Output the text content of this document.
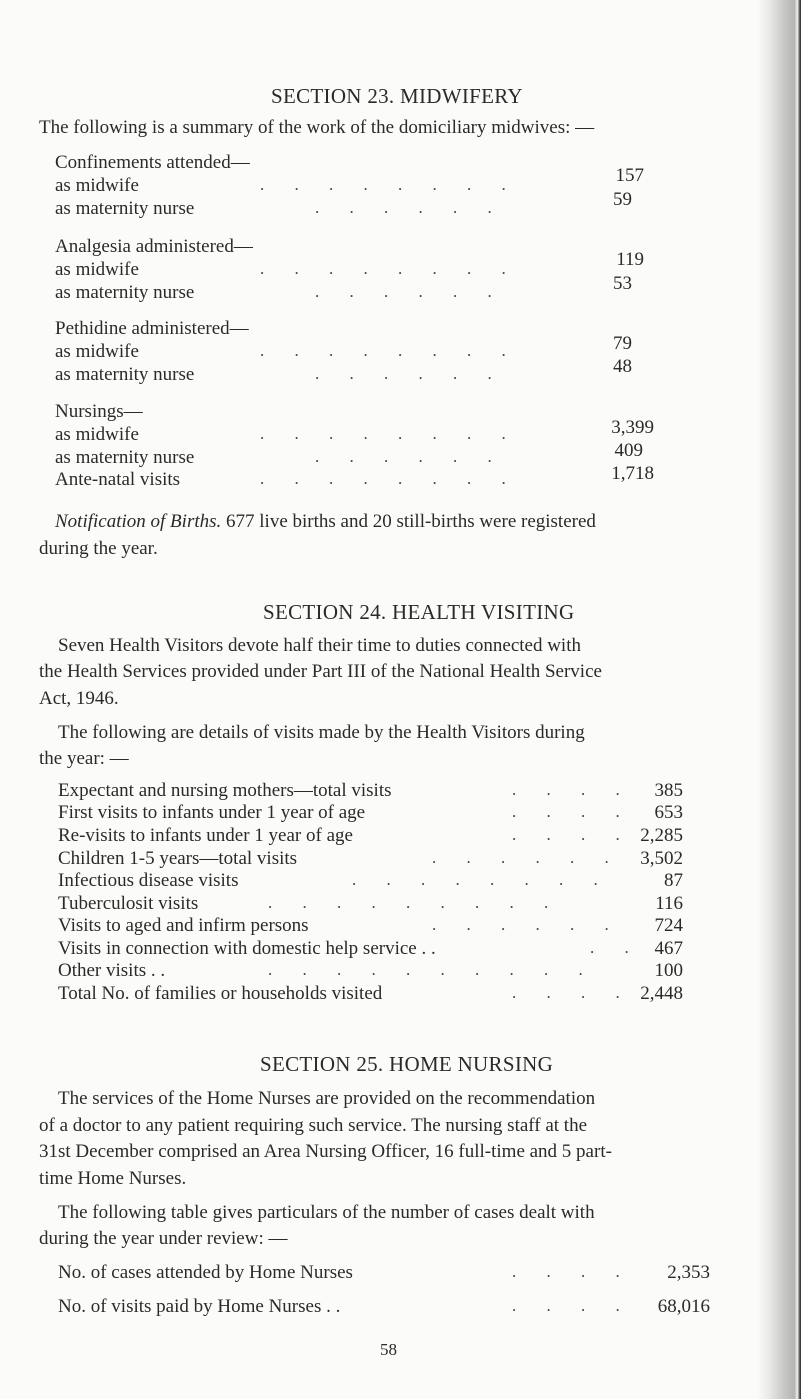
SECTION 23. MIDWIFERY
The following is a summary of the work of the domiciliary midwives: —
Confinements attended—
as midwife	. . . . . . . .	157
as maternity nurse	. . . . . .	59
Analgesia administered—
as midwife	. . . . . . . .	119
as maternity nurse	. . . . . .	53
Pethidine administered—
as midwife	. . . . . . . .	79
as maternity nurse	. . . . . .	48
Nursings—
as midwife	. . . . . . . .	3,399
as maternity nurse	. . . . . .	409
Ante-natal visits	. . . . . . . .	1,718
Notification of Births. 677 live births and 20 still-births were registered
during the year.
SECTION 24. HEALTH VISITING
Seven Health Visitors devote half their time to duties connected with
the Health Services provided under Part III of the National Health Service
Act, 1946.
The following are details of visits made by the Health Visitors during
the year: —
Expectant and nursing mothers—total visits	. . . .	385
First visits to infants under 1 year of age	. . . .	653
Re-visits to infants under 1 year of age	. . . . 2,285
Children 1-5 years—total visits	. . . . . . 3,502
Infectious disease visits	. . . . . . . .	87
Tuberculosit visits	. . . . . . . . .	116
Visits to aged and infirm persons	. . . . . .	724
Visits in connection with domestic help service . .	. . 467
Other visits . .	. . . . . . . . . .	100
Total No. of families or households visited	. . . . 2,448
SECTION 25. HOME NURSING
The services of the Home Nurses are provided on the recommendation
of a doctor to any patient requiring such service. The nursing staff at the
31st December comprised an Area Nursing Officer, 16 full-time and 5 part-
time Home Nurses.
The following table gives particulars of the number of cases dealt with
during the year under review: —
No. of cases attended by Home Nurses	. . . .	2,353
No. of visits paid by Home Nurses . .	. . . .	68,016
58
